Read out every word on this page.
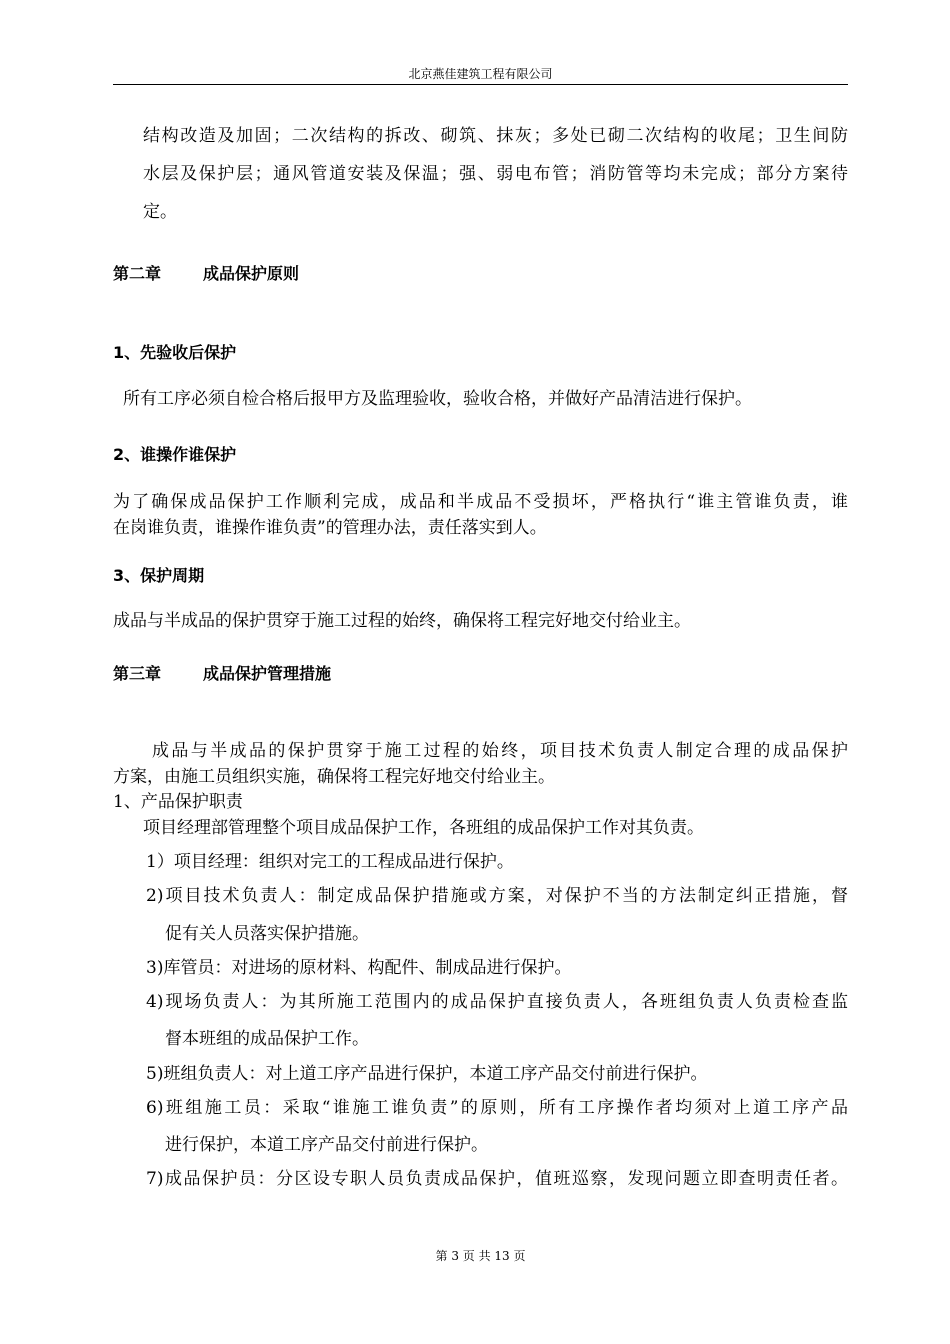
北京燕佳建筑工程有限公司
结构改造及加固；二次结构的拆改、砌筑、抹灰；多处已砌二次结构的收尾；卫生间防
水层及保护层；通风管道安装及保温；强、弱电布管；消防管等均未完成；部分方案待
定。
第二章	成品保护原则
1、先验收后保护
所有工序必须自检合格后报甲方及监理验收，验收合格，并做好产品清洁进行保护。
2、谁操作谁保护
为了确保成品保护工作顺利完成，成品和半成品不受损坏，严格执行“谁主管谁负责，谁
在岗谁负责，谁操作谁负责”的管理办法，责任落实到人。
3、保护周期
成品与半成品的保护贯穿于施工过程的始终，确保将工程完好地交付给业主。
第三章	成品保护管理措施
成品与半成品的保护贯穿于施工过程的始终，项目技术负责人制定合理的成品保护
方案，由施工员组织实施，确保将工程完好地交付给业主。
1、产品保护职责
项目经理部管理整个项目成品保护工作，各班组的成品保护工作对其负责。
1）项目经理：组织对完工的工程成品进行保护。
2)项目技术负责人：制定成品保护措施或方案，对保护不当的方法制定纠正措施，督
促有关人员落实保护措施。
3)库管员：对进场的原材料、构配件、制成品进行保护。
4)现场负责人：为其所施工范围内的成品保护直接负责人，各班组负责人负责检查监
督本班组的成品保护工作。
5)班组负责人：对上道工序产品进行保护，本道工序产品交付前进行保护。
6)班组施工员：采取“谁施工谁负责”的原则，所有工序操作者均须对上道工序产品
进行保护，本道工序产品交付前进行保护。
7)成品保护员：分区设专职人员负责成品保护，值班巡察，发现问题立即查明责任者。
第 3 页 共 13 页
